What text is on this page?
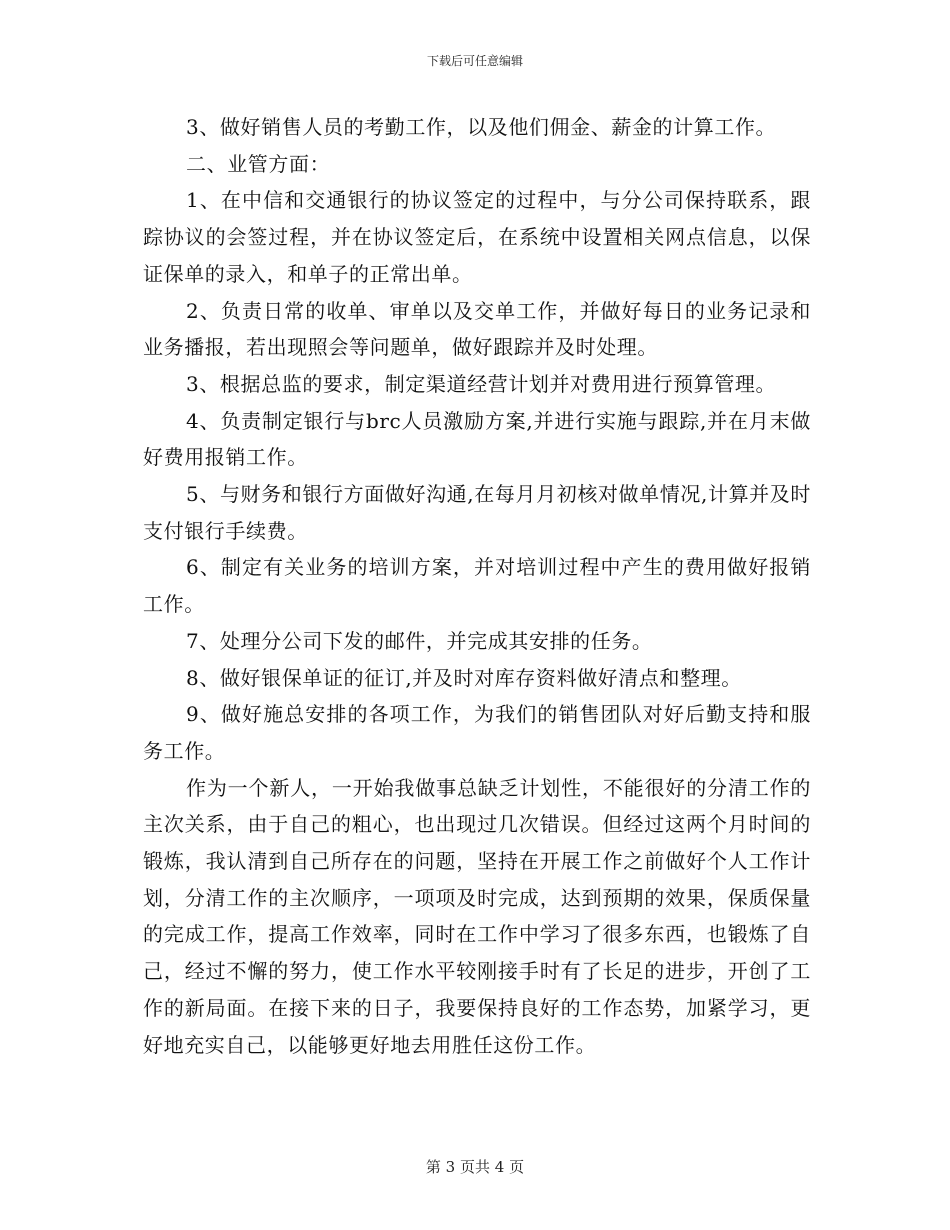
下载后可任意编辑

3、做好销售人员的考勤工作，以及他们佣金、薪金的计算工作。

二、业管方面：

1、在中信和交通银行的协议签定的过程中，与分公司保持联系，跟踪协议的会签过程，并在协议签定后，在系统中设置相关网点信息，以保证保单的录入，和单子的正常出单。

2、负责日常的收单、审单以及交单工作，并做好每日的业务记录和业务播报，若出现照会等问题单，做好跟踪并及时处理。

3、根据总监的要求，制定渠道经营计划并对费用进行预算管理。

4、负责制定银行与brc人员激励方案,并进行实施与跟踪,并在月末做好费用报销工作。

5、与财务和银行方面做好沟通,在每月月初核对做单情况,计算并及时支付银行手续费。

6、制定有关业务的培训方案，并对培训过程中产生的费用做好报销工作。

7、处理分公司下发的邮件，并完成其安排的任务。

8、做好银保单证的征订,并及时对库存资料做好清点和整理。

9、做好施总安排的各项工作，为我们的销售团队对好后勤支持和服务工作。

作为一个新人，一开始我做事总缺乏计划性，不能很好的分清工作的主次关系，由于自己的粗心，也出现过几次错误。但经过这两个月时间的锻炼，我认清到自己所存在的问题，坚持在开展工作之前做好个人工作计划，分清工作的主次顺序，一项项及时完成，达到预期的效果，保质保量的完成工作，提高工作效率，同时在工作中学习了很多东西，也锻炼了自己，经过不懈的努力，使工作水平较刚接手时有了长足的进步，开创了工作的新局面。在接下来的日子，我要保持良好的工作态势，加紧学习，更好地充实自己，以能够更好地去用胜任这份工作。

第 3 页共 4 页
